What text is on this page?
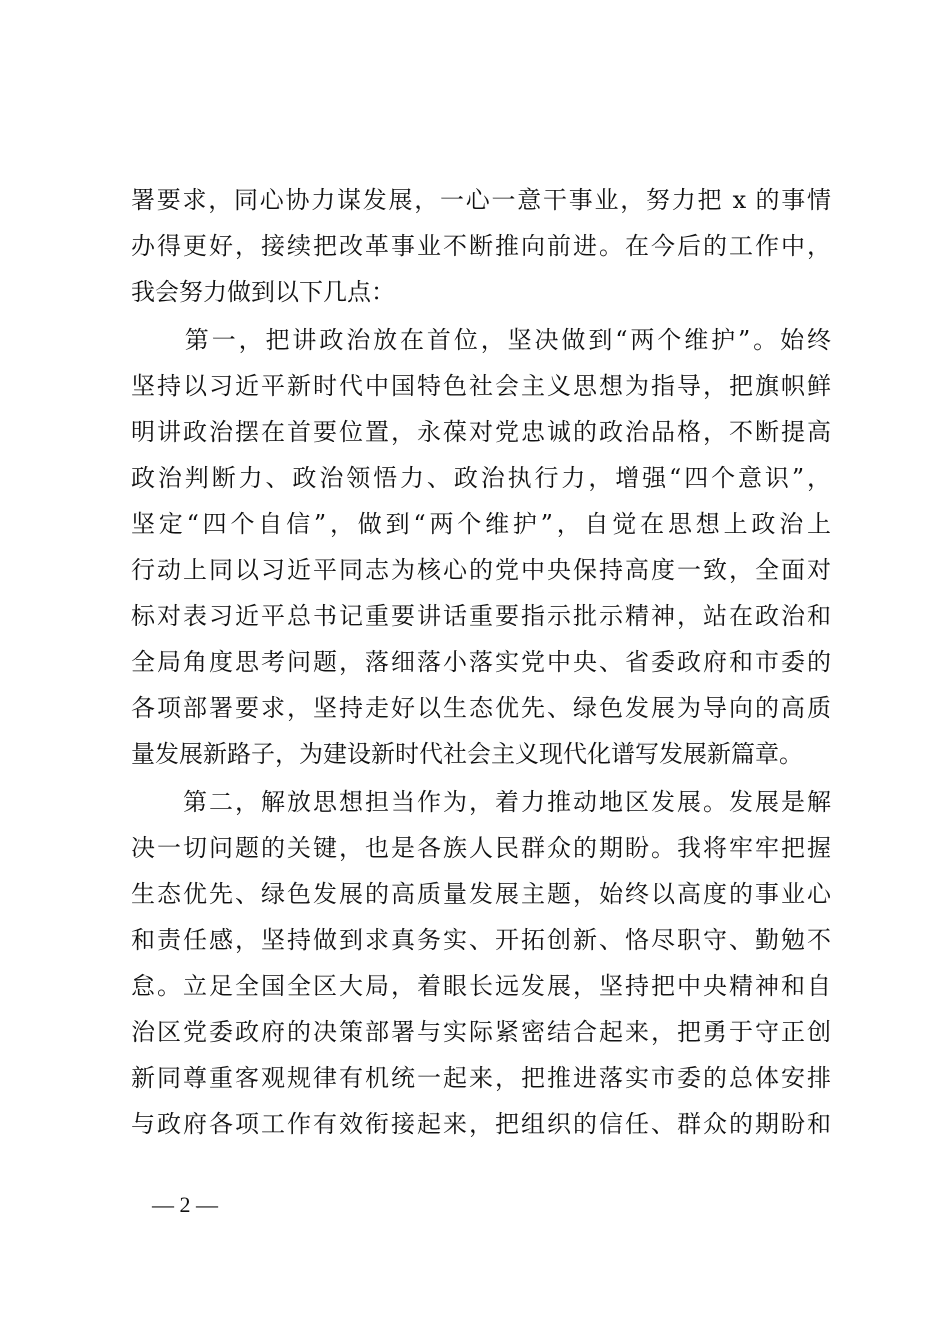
署要求，同心协力谋发展，一心一意干事业，努力把 x 的事情
办得更好，接续把改革事业不断推向前进。在今后的工作中，
我会努力做到以下几点：
　　第一，把讲政治放在首位，坚决做到“两个维护”。始终
坚持以习近平新时代中国特色社会主义思想为指导，把旗帜鲜
明讲政治摆在首要位置，永葆对党忠诚的政治品格，不断提高
政治判断力、政治领悟力、政治执行力，增强“四个意识”，
坚定“四个自信”，做到“两个维护”，自觉在思想上政治上
行动上同以习近平同志为核心的党中央保持高度一致，全面对
标对表习近平总书记重要讲话重要指示批示精神，站在政治和
全局角度思考问题，落细落小落实党中央、省委政府和市委的
各项部署要求，坚持走好以生态优先、绿色发展为导向的高质
量发展新路子，为建设新时代社会主义现代化谱写发展新篇章。
　　第二，解放思想担当作为，着力推动地区发展。发展是解
决一切问题的关键，也是各族人民群众的期盼。我将牢牢把握
生态优先、绿色发展的高质量发展主题，始终以高度的事业心
和责任感，坚持做到求真务实、开拓创新、恪尽职守、勤勉不
怠。立足全国全区大局，着眼长远发展，坚持把中央精神和自
治区党委政府的决策部署与实际紧密结合起来，把勇于守正创
新同尊重客观规律有机统一起来，把推进落实市委的总体安排
与政府各项工作有效衔接起来，把组织的信任、群众的期盼和
— 2 —
